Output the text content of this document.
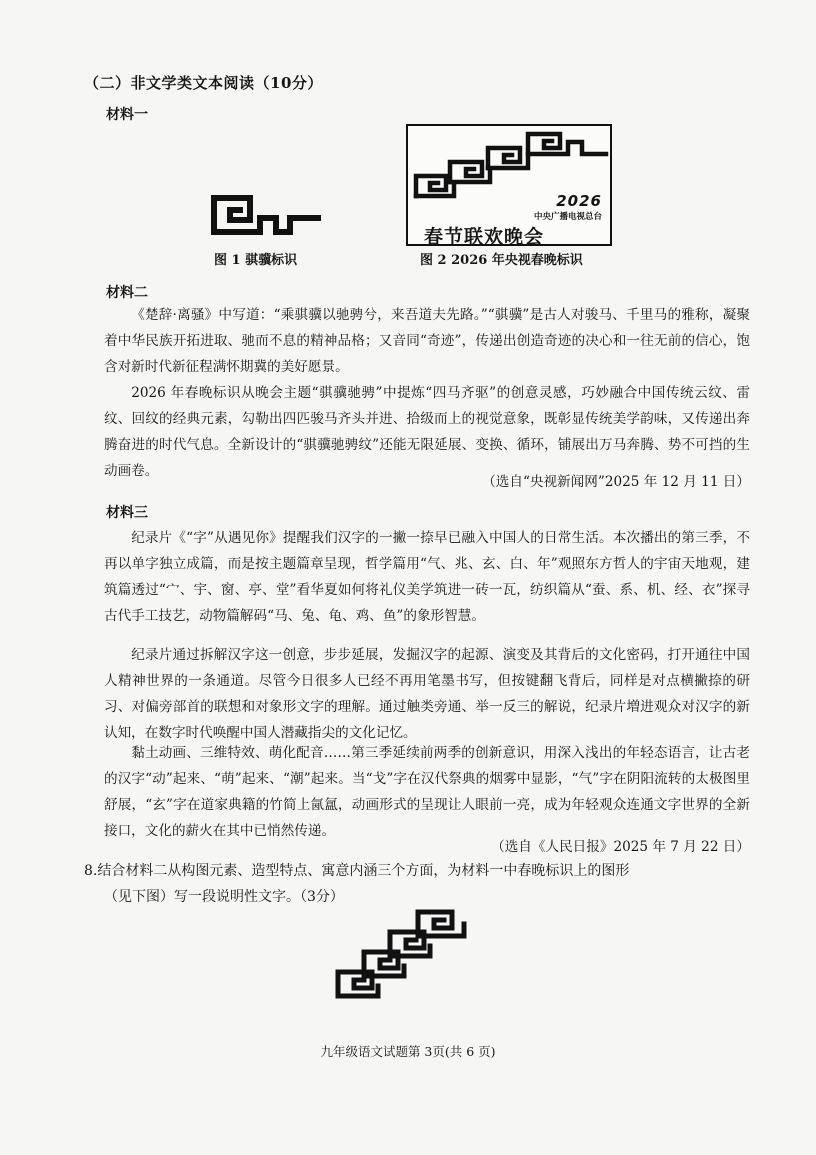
（二）非文学类文本阅读（10分）
材料一
2026
中央广播电视总台
春节联欢晚会
图 1 骐骥标识	图 2 2026 年央视春晚标识
材料二

《楚辞·离骚》中写道：“乘骐骥以驰骋兮，来吾道夫先路。”“骐骥”是古人对骏马、千里马的雅称，凝聚着中华民族开拓进取、驰而不息的精神品格；又音同“奇迹”，传递出创造奇迹的决心和一往无前的信心，饱含对新时代新征程满怀期冀的美好愿景。

2026 年春晚标识从晚会主题“骐骥驰骋”中提炼“四马齐驱”的创意灵感，巧妙融合中国传统云纹、雷纹、回纹的经典元素，勾勒出四匹骏马齐头并进、拾级而上的视觉意象，既彰显传统美学韵味，又传递出奔腾奋进的时代气息。全新设计的“骐骥驰骋纹”还能无限延展、变换、循环，铺展出万马奔腾、势不可挡的生动画卷。

（选自“央视新闻网”2025 年 12 月 11 日）
材料三

纪录片《“字”从遇见你》提醒我们汉字的一撇一捺早已融入中国人的日常生活。本次播出的第三季，不再以单字独立成篇，而是按主题篇章呈现，哲学篇用“气、兆、玄、白、年”观照东方哲人的宇宙天地观，建筑篇透过“宀、宇、窗、亭、堂”看华夏如何将礼仪美学筑进一砖一瓦，纺织篇从“蚕、系、机、经、衣”探寻古代手工技艺，动物篇解码“马、兔、龟、鸡、鱼”的象形智慧。

纪录片通过拆解汉字这一创意，步步延展，发掘汉字的起源、演变及其背后的文化密码，打开通往中国人精神世界的一条通道。尽管今日很多人已经不再用笔墨书写，但按键翻飞背后，同样是对点横撇捺的研习、对偏旁部首的联想和对象形文字的理解。通过触类旁通、举一反三的解说，纪录片増进观众对汉字的新认知，在数字时代唤醒中国人潜藏指尖的文化记忆。

黏土动画、三维特效、萌化配音……第三季延续前两季的创新意识，用深入浅出的年轻态语言，让古老的汉字“动”起来、“萌”起来、“潮”起来。当“戈”字在汉代祭典的烟雾中显影，“气”字在阴阳流转的太极图里舒展，“玄”字在道家典籍的竹简上氤氲，动画形式的呈现让人眼前一亮，成为年轻观众连通文字世界的全新接口，文化的薪火在其中已悄然传递。

（选自《人民日报》2025 年 7 月 22 日）
8.结合材料二从构图元素、造型特点、寓意内涵三个方面，为材料一中春晚标识上的图形
（见下图）写一段说明性文字。（3分）
九年级语文试题第 3页(共 6 页)
